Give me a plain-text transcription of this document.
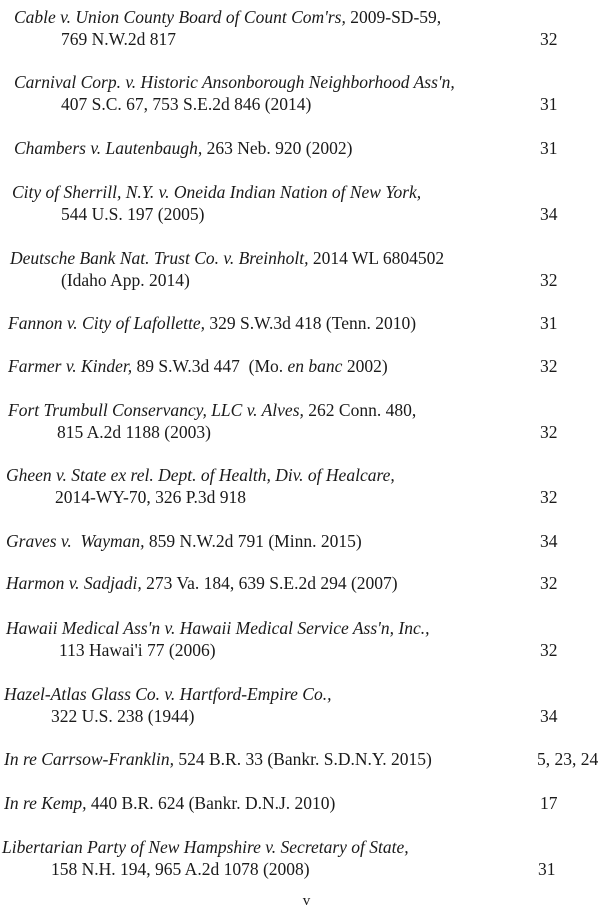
Cable v. Union County Board of Count Com'rs, 2009-SD-59,
769 N.W.2d 817	32
Carnival Corp. v. Historic Ansonborough Neighborhood Ass'n,
407 S.C. 67, 753 S.E.2d 846 (2014)	31
Chambers v. Lautenbaugh, 263 Neb. 920 (2002)	31
City of Sherrill, N.Y. v. Oneida Indian Nation of New York,
544 U.S. 197 (2005)	34
Deutsche Bank Nat. Trust Co. v. Breinholt, 2014 WL 6804502
(Idaho App. 2014)	32
Fannon v. City of Lafollette, 329 S.W.3d 418 (Tenn. 2010)	31
Farmer v. Kinder, 89 S.W.3d 447  (Mo. en banc 2002)	32
Fort Trumbull Conservancy, LLC v. Alves, 262 Conn. 480,
815 A.2d 1188 (2003)	32
Gheen v. State ex rel. Dept. of Health, Div. of Healcare,
2014-WY-70, 326 P.3d 918	32
Graves v.  Wayman, 859 N.W.2d 791 (Minn. 2015)	34
Harmon v. Sadjadi, 273 Va. 184, 639 S.E.2d 294 (2007)	32
Hawaii Medical Ass'n v. Hawaii Medical Service Ass'n, Inc.,
113 Hawai'i 77 (2006)	32
Hazel-Atlas Glass Co. v. Hartford-Empire Co.,
322 U.S. 238 (1944)	34
In re Carrsow-Franklin, 524 B.R. 33 (Bankr. S.D.N.Y. 2015)	5, 23, 24
In re Kemp, 440 B.R. 624 (Bankr. D.N.J. 2010)	17
Libertarian Party of New Hampshire v. Secretary of State,
158 N.H. 194, 965 A.2d 1078 (2008)	31
v
